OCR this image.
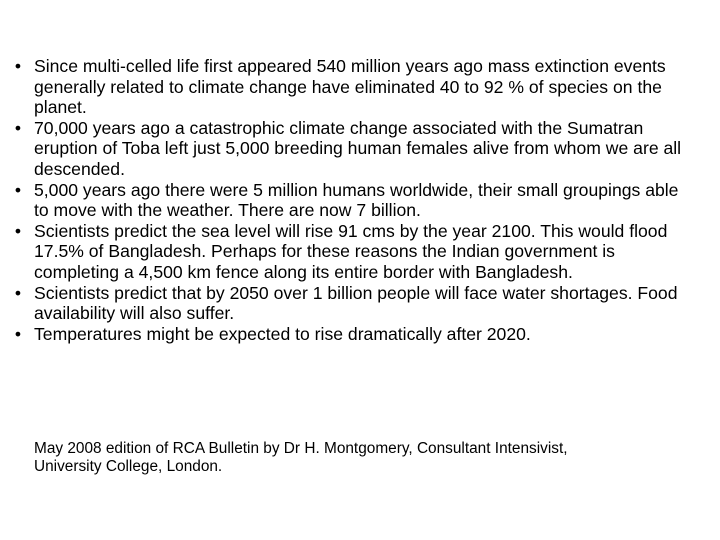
• Since multi-celled life first appeared 540 million years ago mass extinction events generally related to climate change have eliminated 40 to 92 % of species on the planet.
• 70,000 years ago a catastrophic climate change associated with the Sumatran eruption of Toba left just 5,000 breeding human females alive from whom we are all descended.
• 5,000 years ago there were 5 million humans worldwide, their small groupings able to move with the weather. There are now 7 billion.
• Scientists predict the sea level will rise 91 cms by the year 2100. This would flood 17.5% of Bangladesh. Perhaps for these reasons the Indian government is completing a 4,500 km fence along its entire border with Bangladesh.
• Scientists predict that by 2050 over 1 billion people will face water shortages. Food availability will also suffer.
• Temperatures might be expected to rise dramatically after 2020.
May 2008 edition of RCA Bulletin by Dr H. Montgomery, Consultant Intensivist, University College, London.
